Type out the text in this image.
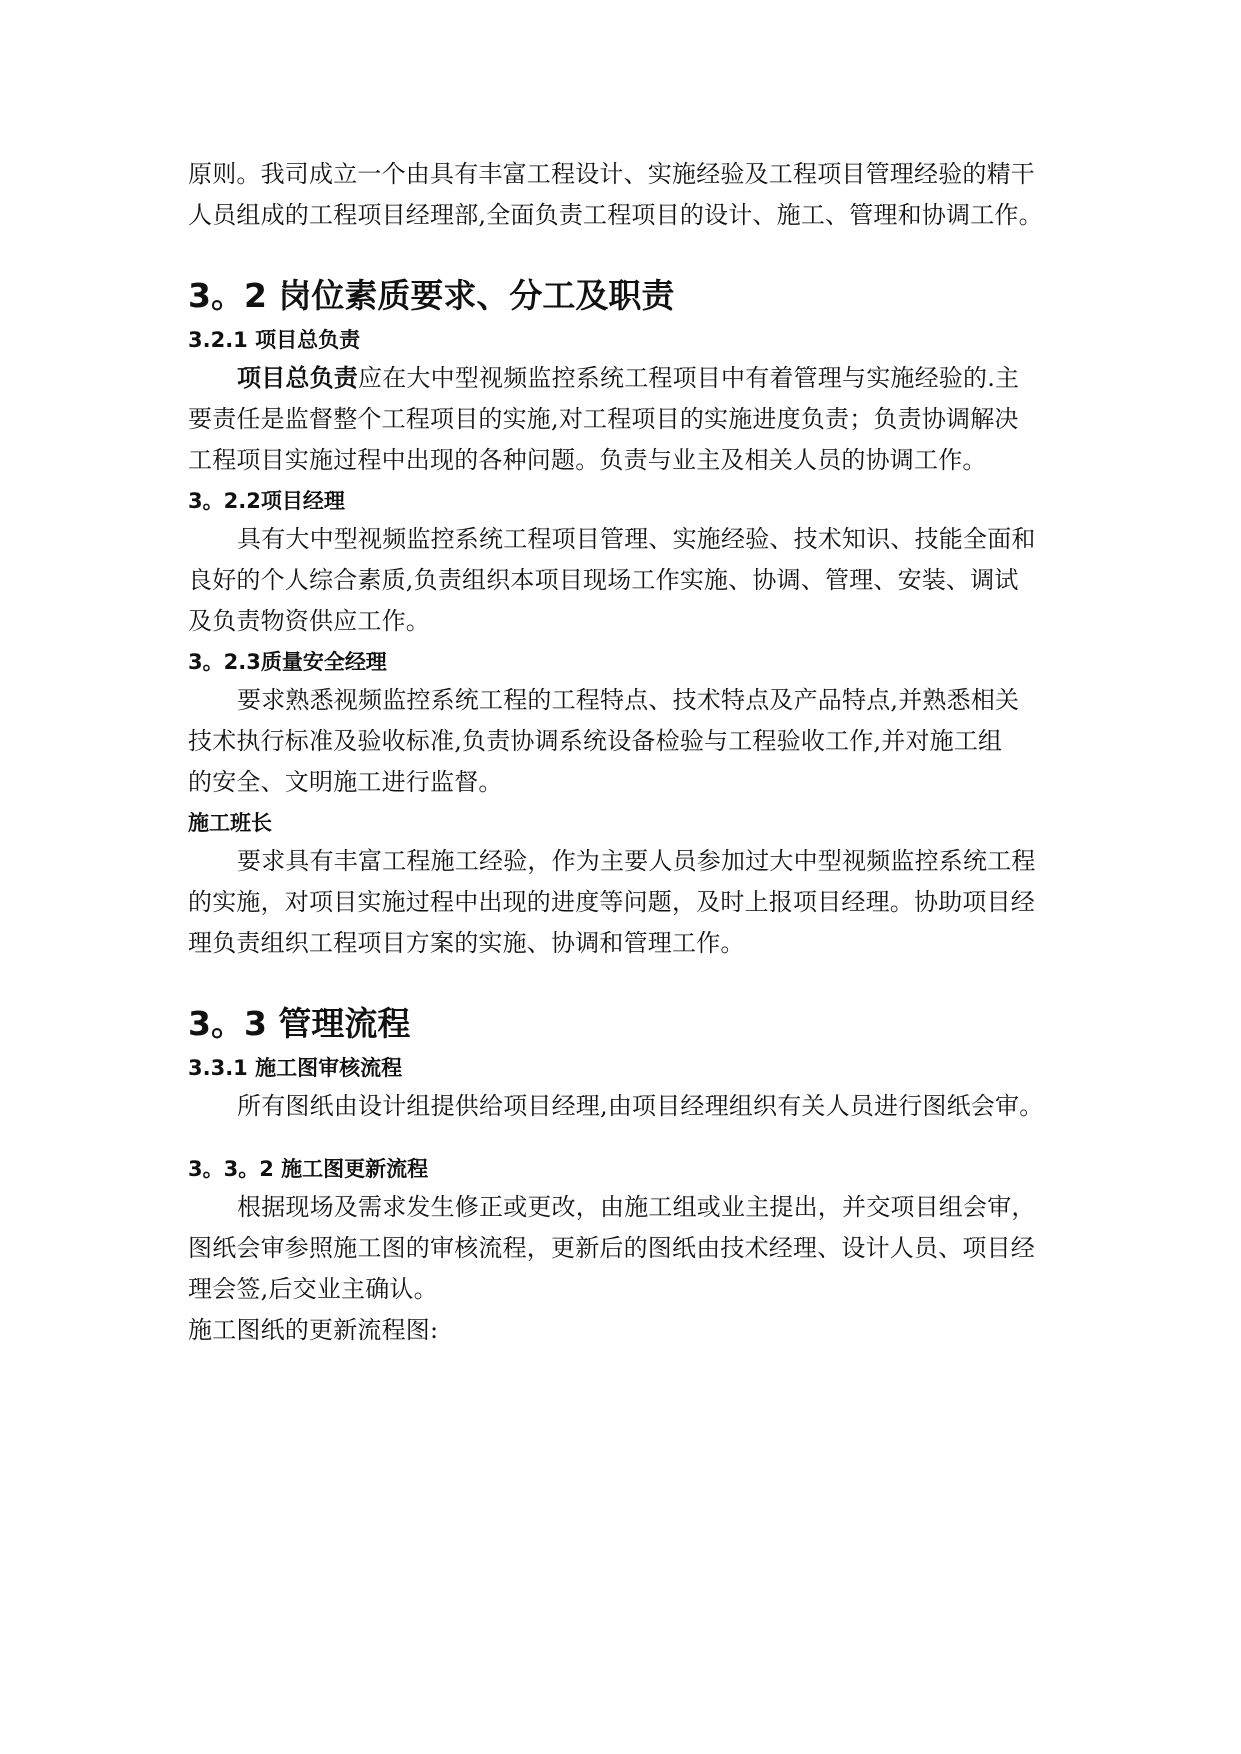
原则。我司成立一个由具有丰富工程设计、实施经验及工程项目管理经验的精干

人员组成的工程项目经理部,全面负责工程项目的设计、施工、管理和协调工作。

3。2 岗位素质要求、分工及职责
3.2.1 项目总负责

项目总负责应在大中型视频监控系统工程项目中有着管理与实施经验的.主

要责任是监督整个工程项目的实施,对工程项目的实施进度负责；负责协调解决

工程项目实施过程中出现的各种问题。负责与业主及相关人员的协调工作。

3。2.2项目经理

具有大中型视频监控系统工程项目管理、实施经验、技术知识、技能全面和

良好的个人综合素质,负责组织本项目现场工作实施、协调、管理、安装、调试

及负责物资供应工作。

3。2.3质量安全经理

要求熟悉视频监控系统工程的工程特点、技术特点及产品特点,并熟悉相关

技术执行标准及验收标准,负责协调系统设备检验与工程验收工作,并对施工组

的安全、文明施工进行监督。

施工班长

要求具有丰富工程施工经验，作为主要人员参加过大中型视频监控系统工程

的实施，对项目实施过程中出现的进度等问题，及时上报项目经理。协助项目经

理负责组织工程项目方案的实施、协调和管理工作。

3。3 管理流程
3.3.1 施工图审核流程

所有图纸由设计组提供给项目经理,由项目经理组织有关人员进行图纸会审。

3。3。2 施工图更新流程

根据现场及需求发生修正或更改，由施工组或业主提出，并交项目组会审，

图纸会审参照施工图的审核流程，更新后的图纸由技术经理、设计人员、项目经

理会签,后交业主确认。

施工图纸的更新流程图:
